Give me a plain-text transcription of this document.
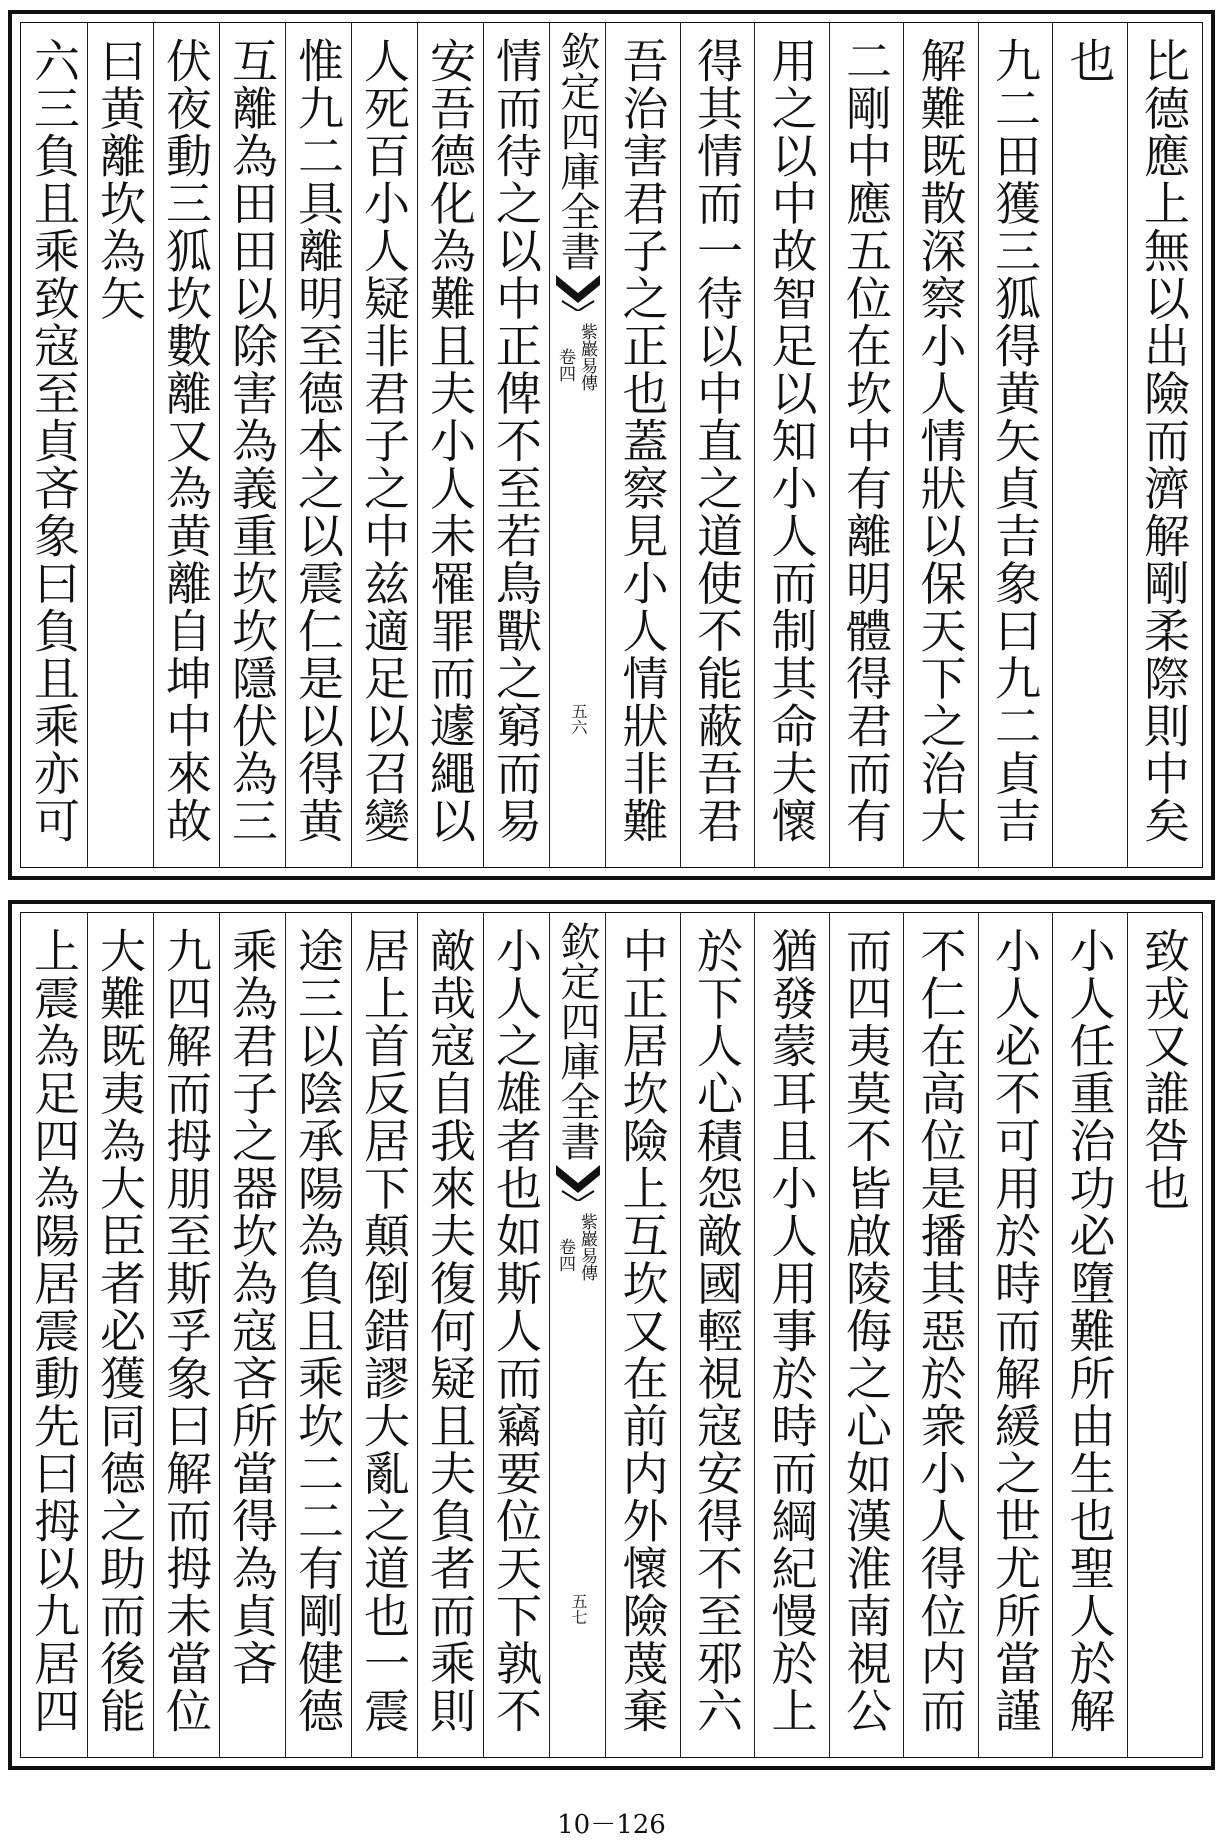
情而待之以中正俾不至若鳥獸之窮而易
安吾德化為難且夫小人未罹罪而遽繩以
人死百小人疑非君子之中兹適足以召變
惟九二具離明至德本之以震仁是以得黄
互離為田田以除害為義重坎坎隱伏為三
伏夜動三狐坎數離又為黄離自坤中來故
曰黄離坎為矢
六三負且乘致寇至貞吝象曰負且乘亦可
欽定四庫全書
紫巖易傳
卷四
五六
比德應上無以出險而濟解剛柔際則中矣
也
九二田獲三狐得黄矢貞吉象曰九二貞吉
解難既散深察小人情狀以保天下之治大
二剛中應五位在坎中有離明體得君而有
用之以中故智足以知小人而制其命夫懷
得其情而一待以中直之道使不能蔽吾君
吾治害君子之正也蓋察見小人情狀非難
小人之雄者也如斯人而竊要位天下孰不
敵哉寇自我來夫復何疑且夫負者而乘則
居上首反居下顛倒錯謬大亂之道也一震
途三以陰承陽為負且乘坎二二有剛健德
乘為君子之器坎為寇吝所當得為貞吝
九四解而拇朋至斯孚象曰解而拇未當位
大難既夷為大臣者必獲同德之助而後能
上震為足四為陽居震動先曰拇以九居四
欽定四庫全書
紫巖易傳
卷四
五七
致戎又誰咎也
小人任重治功必墮難所由生也聖人於解
小人必不可用於時而解緩之世尤所當謹
不仁在高位是播其惡於衆小人得位内而
而四夷莫不皆啟陵侮之心如漢淮南視公
猶發蒙耳且小人用事於時而綱紀慢於上
於下人心積怨敵國輕視寇安得不至邪六
中正居坎險上互坎又在前内外懷險蔑棄
10－126
